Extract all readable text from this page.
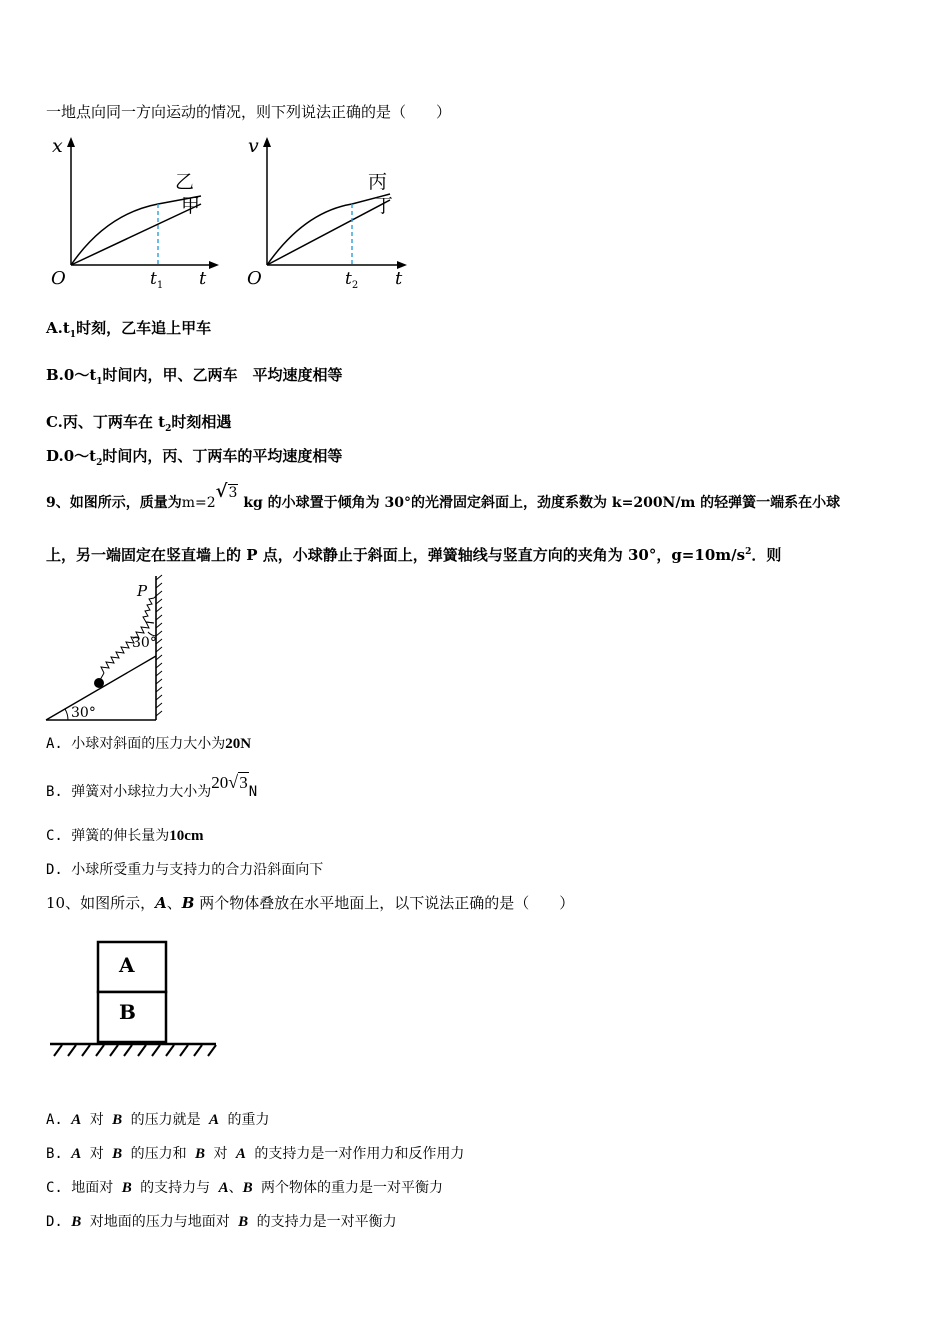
一地点向同一方向运动的情况，则下列说法正确的是（　　）
x
O	$t_1$ t
乙
甲
v
O	$t_2$ t
丙
丁
$A.t_1$时刻，乙车追上甲车
$B.0\sim t_1$时间内，甲、乙两车　平均速度相等
C.丙、丁两车在 $t_2$时刻相遇
$D.0\sim t_2$时间内，丙、丁两车的平均速度相等
9、如图所示，质量为m=2√3 kg 的小球置于倾角为 30°的光滑固定斜面上，劲度系数为 k=200N/m 的轻弹簧一端系在小球
上，另一端固定在竖直墙上的 P 点，小球静止于斜面上，弹簧轴线与竖直方向的夹角为 30°，$g=10m/s^2$．则
P
30°
30°
A. 小球对斜面的压力大小为20N
B. 弹簧对小球拉力大小为20√3N
C. 弹簧的伸长量为10cm
D. 小球所受重力与支持力的合力沿斜面向下
10、如图所示，A、B 两个物体叠放在水平地面上，以下说法正确的是（　　）
A
B
A. A 对 B 的压力就是 A 的重力
B. A 对 B 的压力和 B 对 A 的支持力是一对作用力和反作用力
C. 地面对 B 的支持力与 A、B 两个物体的重力是一对平衡力
D. B 对地面的压力与地面对 B 的支持力是一对平衡力
